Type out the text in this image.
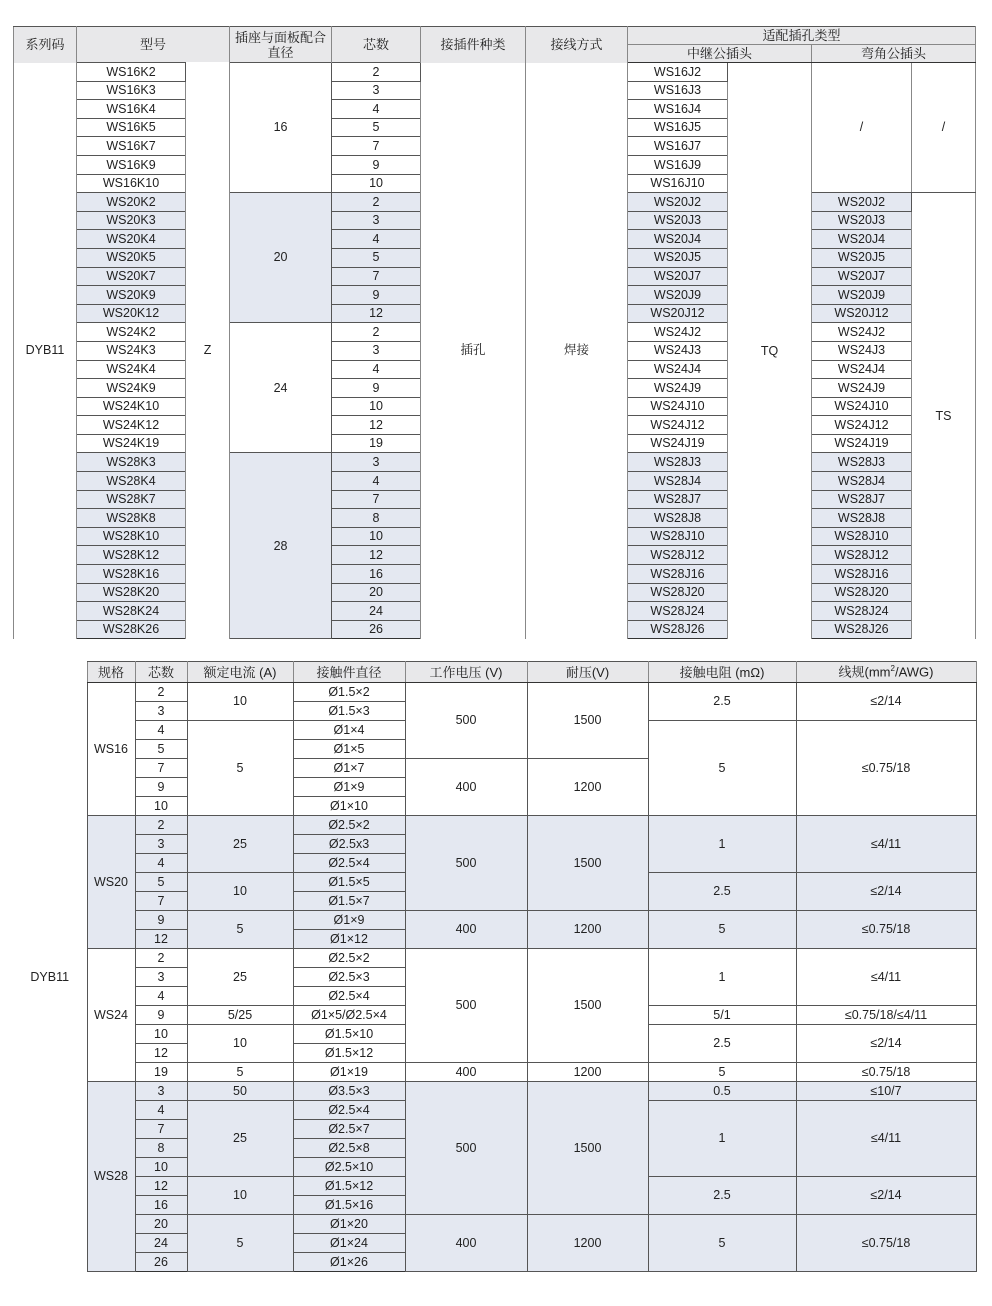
系列码	型号		插座与面板配合直径	芯数	接插件种类	接线方式	适配插孔类型			
							中继公插头		弯角公插头	
DYB11	WS16K2	Z	16	2	插孔	焊接	WS16J2	TQ	/	/
	WS16K3			3			WS16J3			
	WS16K4			4			WS16J4			
	WS16K5			5			WS16J5			
	WS16K7			7			WS16J7			
	WS16K9			9			WS16J9			
	WS16K10			10			WS16J10			
	WS20K2		20	2			WS20J2		WS20J2	TS
	WS20K3			3			WS20J3		WS20J3	
	WS20K4			4			WS20J4		WS20J4	
	WS20K5			5			WS20J5		WS20J5	
	WS20K7			7			WS20J7		WS20J7	
	WS20K9			9			WS20J9		WS20J9	
	WS20K12			12			WS20J12		WS20J12	
	WS24K2		24	2			WS24J2		WS24J2	
	WS24K3			3			WS24J3		WS24J3	
	WS24K4			4			WS24J4		WS24J4	
	WS24K9			9			WS24J9		WS24J9	
	WS24K10			10			WS24J10		WS24J10	
	WS24K12			12			WS24J12		WS24J12	
	WS24K19			19			WS24J19		WS24J19	
	WS28K3		28	3			WS28J3		WS28J3	
	WS28K4			4			WS28J4		WS28J4	
	WS28K7			7			WS28J7		WS28J7	
	WS28K8			8			WS28J8		WS28J8	
	WS28K10			10			WS28J10		WS28J10	
	WS28K12			12			WS28J12		WS28J12	
	WS28K16			16			WS28J16		WS28J16	
	WS28K20			20			WS28J20		WS28J20	
	WS28K24			24			WS28J24		WS28J24	
	WS28K26			26			WS28J26		WS28J26	
	规格	芯数	额定电流 (A)	接触件直径	工作电压 (V)	耐压(V)	接触电阻 (mΩ)	线规$(mm^2/AWG)$
DYB11	WS16	2	10	Ø1.5×2	500	1500	2.5	≤2/14
		3		Ø1.5×3				
		4	5	Ø1×4			5	≤0.75/18
		5		Ø1×5				
		7		Ø1×7	400	1200		
		9		Ø1×9				
		10		Ø1×10				
	WS20	2	25	Ø2.5×2	500	1500	1	≤4/11
		3		Ø2.5x3				
		4		Ø2.5×4				
		5	10	Ø1.5×5			2.5	≤2/14
		7		Ø1.5×7				
		9	5	Ø1×9	400	1200	5	≤0.75/18
		12		Ø1×12				
	WS24	2	25	Ø2.5×2	500	1500	1	≤4/11
		3		Ø2.5×3				
		4		Ø2.5×4				
		9	5/25	Ø1×5/Ø2.5×4			5/1	≤0.75/18/≤4/11
		10	10	Ø1.5×10			2.5	≤2/14
		12		Ø1.5×12				
		19	5	Ø1×19	400	1200	5	≤0.75/18
	WS28	3	50	Ø3.5×3	500	1500	0.5	≤10/7
		4	25	Ø2.5×4			1	≤4/11
		7		Ø2.5×7				
		8		Ø2.5×8				
		10		Ø2.5×10				
		12	10	Ø1.5×12			2.5	≤2/14
		16		Ø1.5×16				
		20	5	Ø1×20	400	1200	5	≤0.75/18
		24		Ø1×24				
		26		Ø1×26				
